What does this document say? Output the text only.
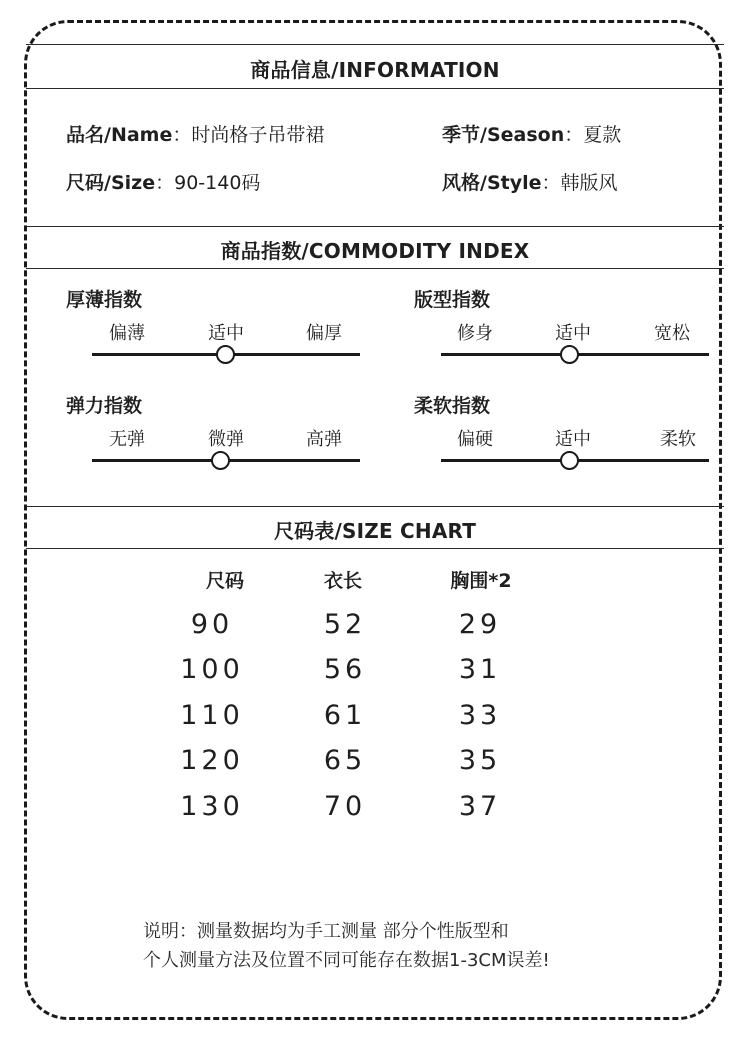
商品信息/INFORMATION
品名/Name：时尚格子吊带裙	季节/Season：夏款
尺码/Size：90-140码	风格/Style：韩版风
商品指数/COMMODITY INDEX
厚薄指数
偏薄	适中	偏厚
版型指数
修身	适中	宽松
弹力指数
无弹	微弹	高弹
柔软指数
偏硬	适中	柔软
尺码表/SIZE CHART
尺码	衣长	胸围*2
90	52	29
100	56	31
110	61	33
120	65	35
130	70	37
说明：测量数据均为手工测量 部分个性版型和
个人测量方法及位置不同可能存在数据1-3CM误差!
